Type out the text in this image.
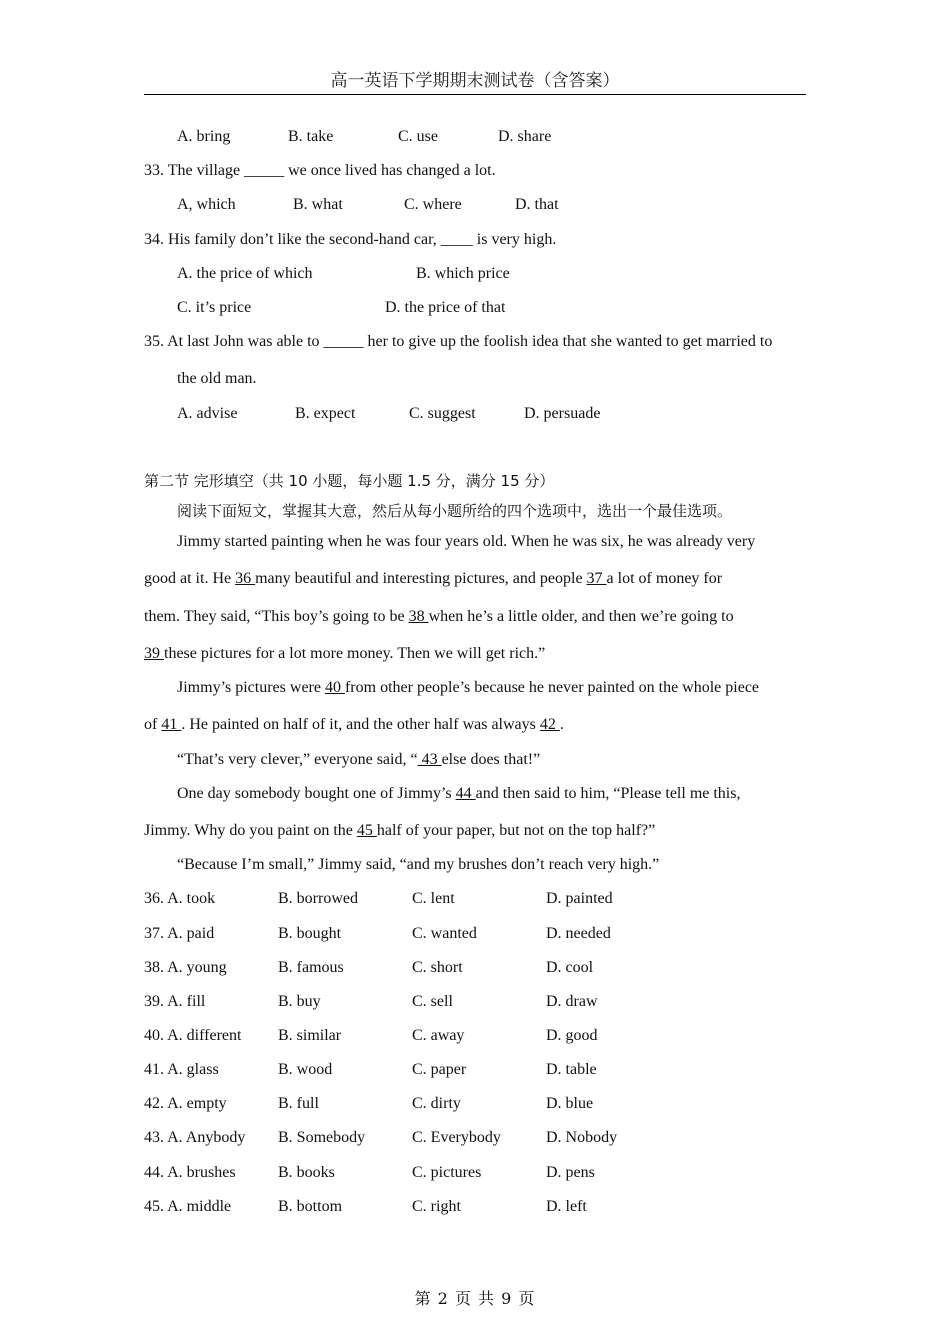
高一英语下学期期末测试卷（含答案）
A. bring	B. take	C. use	D. share
33. The village _____ we once lived has changed a lot.
A, which	B. what	C. where	D. that
34. His family don’t like the second-hand car, ____ is very high.
A. the price of which	B. which price
C. it’s price	D. the price of that
35. At last John was able to _____ her to give up the foolish idea that she wanted to get married to
the old man.
A. advise	B. expect	C. suggest	D. persuade
第二节 完形填空（共 10 小题，每小题 1.5 分，满分 15 分）
阅读下面短文，掌握其大意，然后从每小题所给的四个选项中，选出一个最佳选项。
Jimmy started painting when he was four years old. When he was six, he was already very
good at it. He 36 many beautiful and interesting pictures, and people 37 a lot of money for
them. They said, “This boy’s going to be 38 when he’s a little older, and then we’re going to
39 these pictures for a lot more money. Then we will get rich.”
Jimmy’s pictures were 40 from other people’s because he never painted on the whole piece
of 41 . He painted on half of it, and the other half was always 42 .
“That’s very clever,” everyone said, “ 43 else does that!”
One day somebody bought one of Jimmy’s 44 and then said to him, “Please tell me this,
Jimmy. Why do you paint on the 45 half of your paper, but not on the top half?”
“Because I’m small,” Jimmy said, “and my brushes don’t reach very high.”
36. A. took	B. borrowed	C. lent	D. painted
37. A. paid	B. bought	C. wanted	D. needed
38. A. young	B. famous	C. short	D. cool
39. A. fill	B. buy	C. sell	D. draw
40. A. different B. similar	C. away	D. good
41. A. glass	B. wood	C. paper	D. table
42. A. empty	B. full	C. dirty	D. blue
43. A. Anybody B. Somebody	C. Everybody	D. Nobody
44. A. brushes	B. books	C. pictures	D. pens
45. A. middle	B. bottom	C. right	D. left
第 2 页 共 9 页
